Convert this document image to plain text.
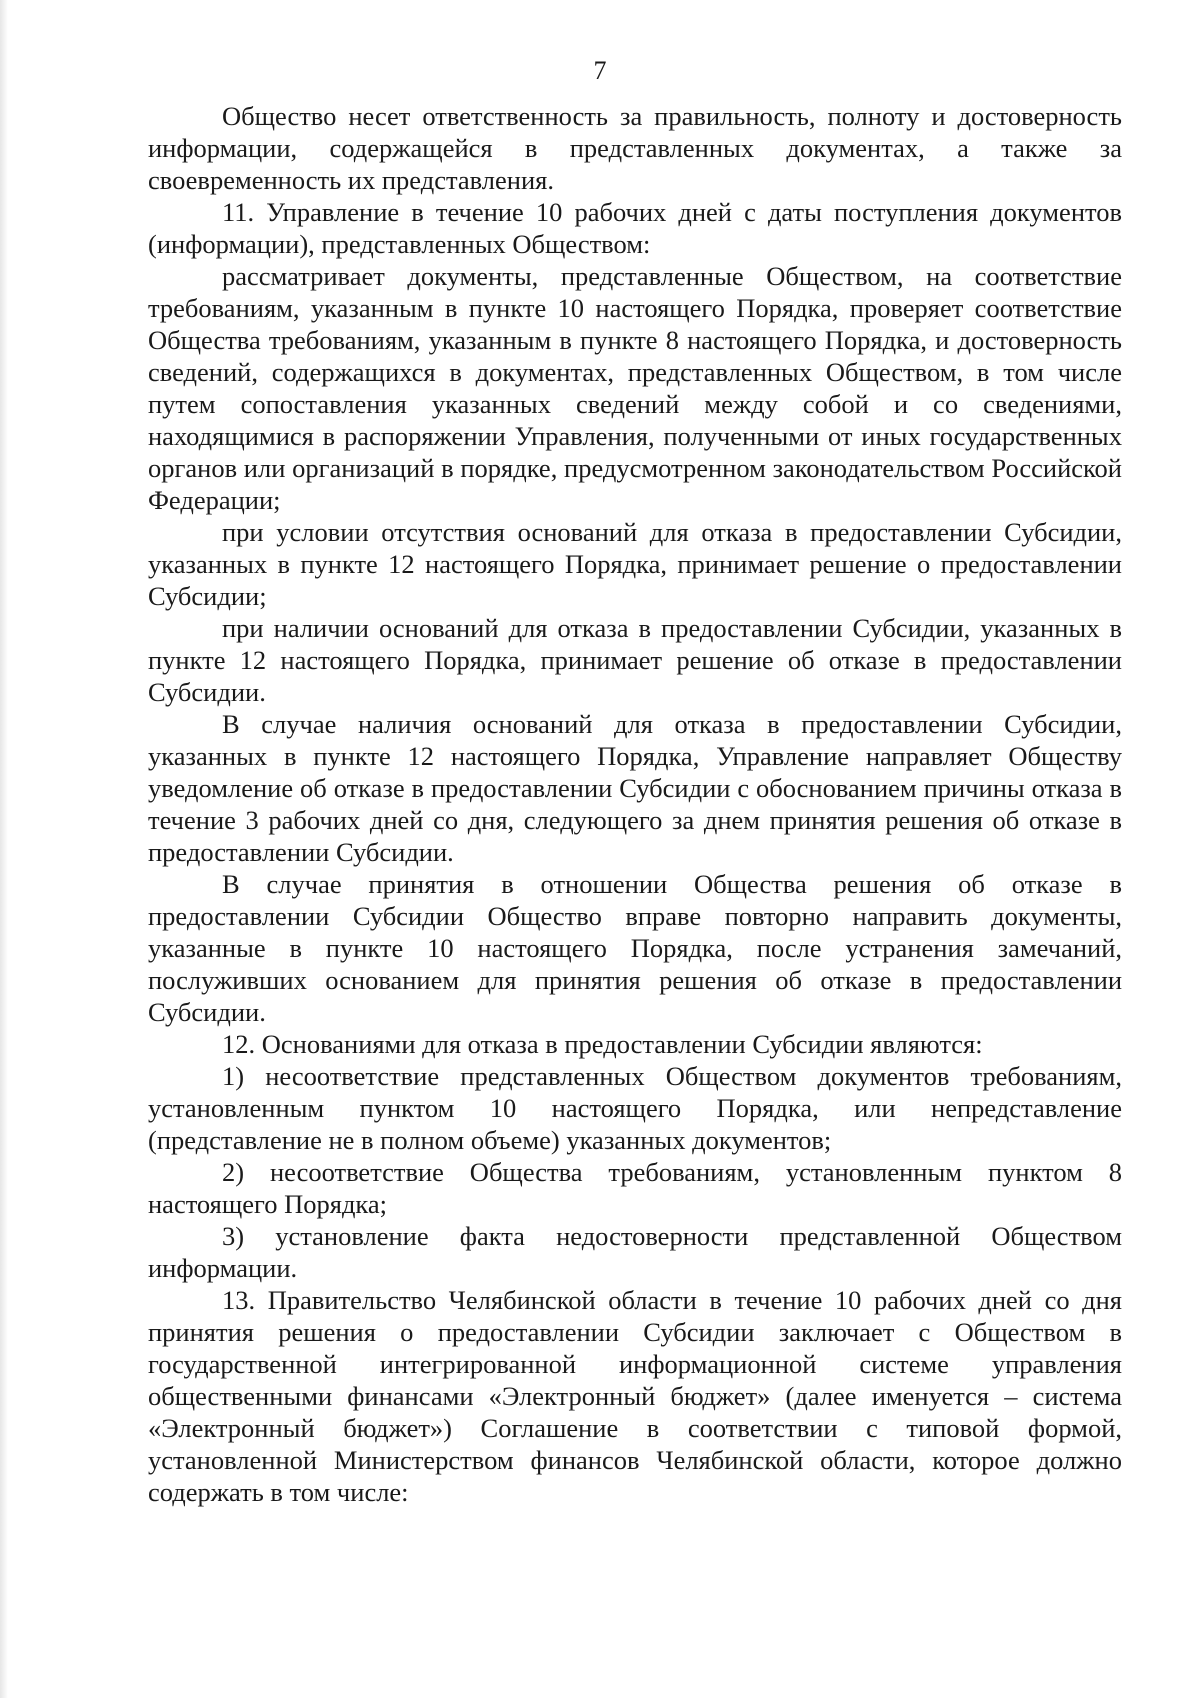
7

Общество несет ответственность за правильность, полноту и достоверность информации, содержащейся в представленных документах, а также за своевременность их представления.

11. Управление в течение 10 рабочих дней с даты поступления документов (информации), представленных Обществом:

рассматривает документы, представленные Обществом, на соответствие требованиям, указанным в пункте 10 настоящего Порядка, проверяет соответствие Общества требованиям, указанным в пункте 8 настоящего Порядка, и достоверность сведений, содержащихся в документах, представленных Обществом, в том числе путем сопоставления указанных сведений между собой и со сведениями, находящимися в распоряжении Управления, полученными от иных государственных органов или организаций в порядке, предусмотренном законодательством Российской Федерации;

при условии отсутствия оснований для отказа в предоставлении Субсидии, указанных в пункте 12 настоящего Порядка, принимает решение о предоставлении Субсидии;

при наличии оснований для отказа в предоставлении Субсидии, указанных в пункте 12 настоящего Порядка, принимает решение об отказе в предоставлении Субсидии.

В случае наличия оснований для отказа в предоставлении Субсидии, указанных в пункте 12 настоящего Порядка, Управление направляет Обществу уведомление об отказе в предоставлении Субсидии с обоснованием причины отказа в течение 3 рабочих дней со дня, следующего за днем принятия решения об отказе в предоставлении Субсидии.

В случае принятия в отношении Общества решения об отказе в предоставлении Субсидии Общество вправе повторно направить документы, указанные в пункте 10 настоящего Порядка, после устранения замечаний, послуживших основанием для принятия решения об отказе в предоставлении Субсидии.

12. Основаниями для отказа в предоставлении Субсидии являются:

1) несоответствие представленных Обществом документов требованиям, установленным пунктом 10 настоящего Порядка, или непредставление (представление не в полном объеме) указанных документов;

2) несоответствие Общества требованиям, установленным пунктом 8 настоящего Порядка;

3) установление факта недостоверности представленной Обществом информации.

13. Правительство Челябинской области в течение 10 рабочих дней со дня принятия решения о предоставлении Субсидии заключает с Обществом в государственной интегрированной информационной системе управления общественными финансами «Электронный бюджет» (далее именуется – система «Электронный бюджет») Соглашение в соответствии с типовой формой, установленной Министерством финансов Челябинской области, которое должно содержать в том числе:
